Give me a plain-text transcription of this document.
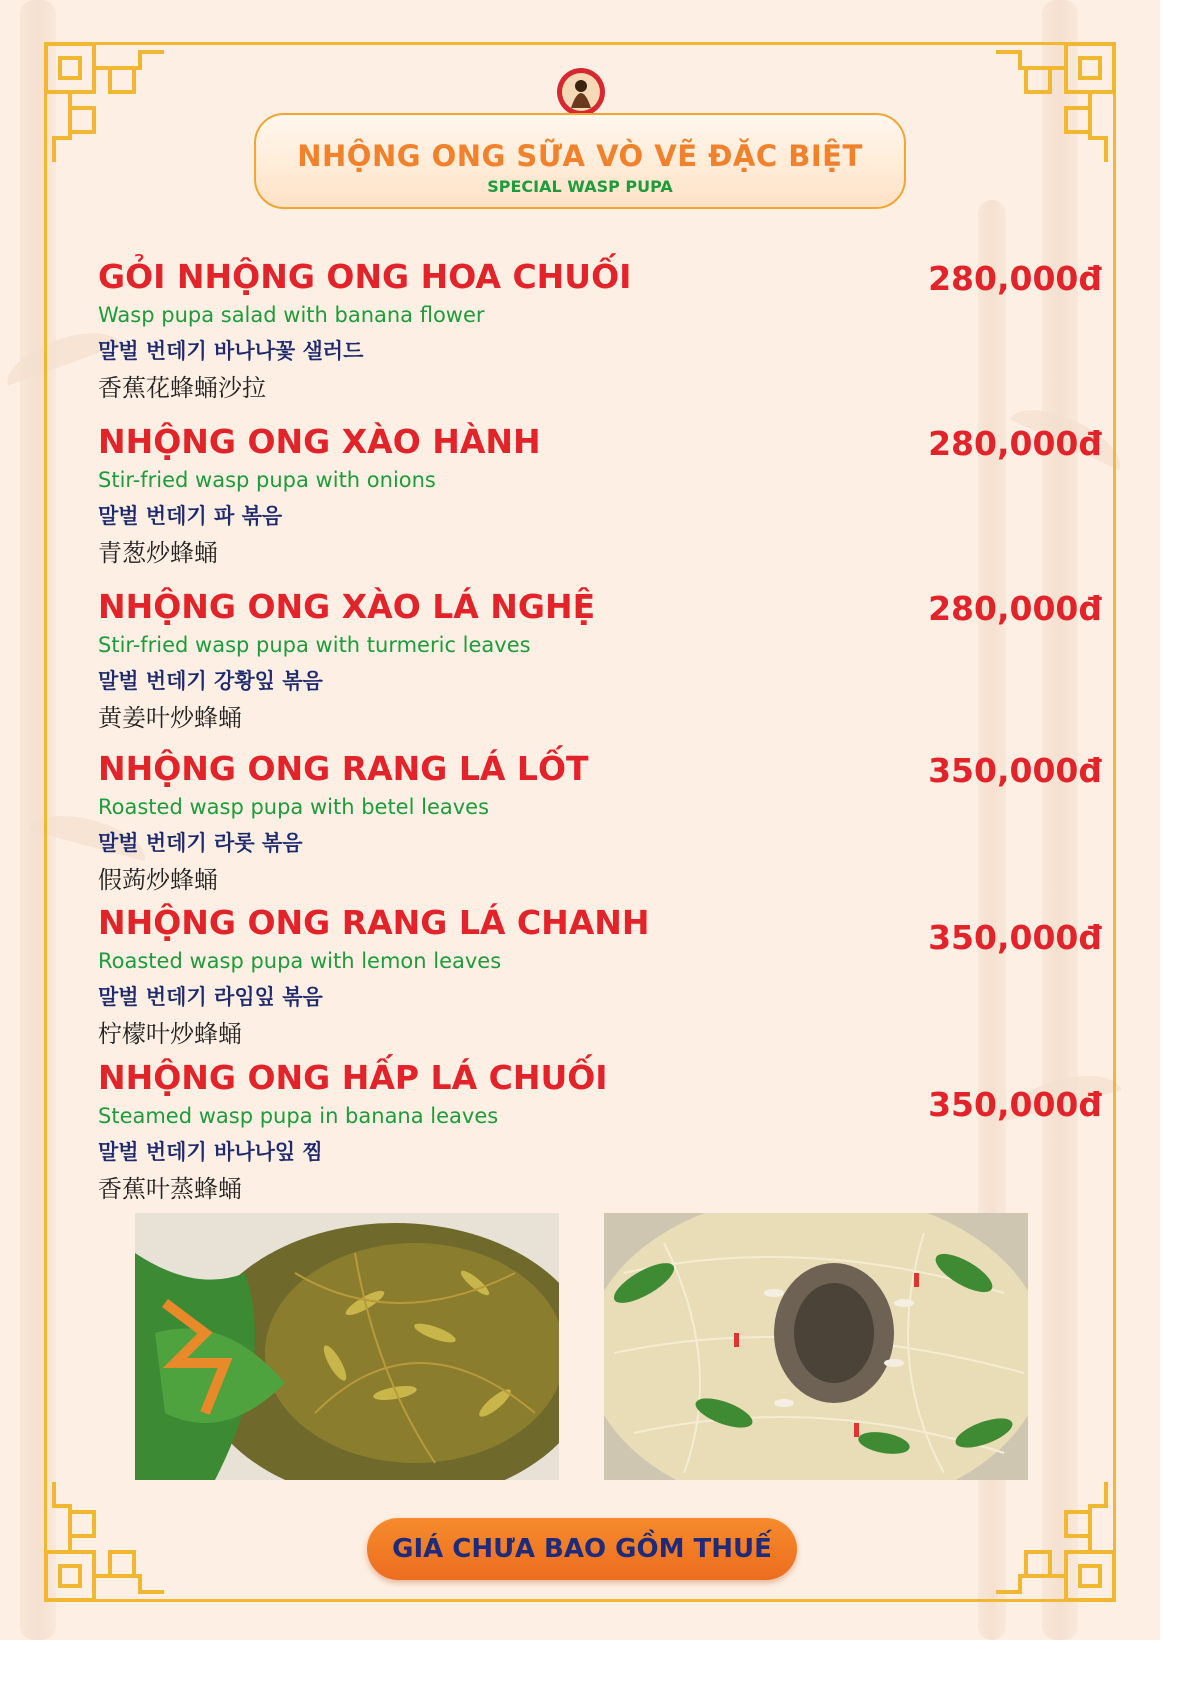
NHỘNG ONG SỮA VÒ VẼ ĐẶC BIỆT
SPECIAL WASP PUPA
GỎI NHỘNG ONG HOA CHUỐI
Wasp pupa salad with banana flower
말벌 번데기 바나나꽃 샐러드
香蕉花蜂蛹沙拉
280,000đ
NHỘNG ONG XÀO HÀNH
Stir-fried wasp pupa with onions
말벌 번데기 파 볶음
青葱炒蜂蛹
280,000đ
NHỘNG ONG XÀO LÁ NGHỆ
Stir-fried wasp pupa with turmeric leaves
말벌 번데기 강황잎 볶음
黄姜叶炒蜂蛹
280,000đ
NHỘNG ONG RANG LÁ LỐT
Roasted wasp pupa with betel leaves
말벌 번데기 라롯 볶음
假蒟炒蜂蛹
350,000đ
NHỘNG ONG RANG LÁ CHANH
Roasted wasp pupa with lemon leaves
말벌 번데기 라임잎 볶음
柠檬叶炒蜂蛹
350,000đ
NHỘNG ONG HẤP LÁ CHUỐI
Steamed wasp pupa in banana leaves
말벌 번데기 바나나잎 찜
香蕉叶蒸蜂蛹
350,000đ
GIÁ CHƯA BAO GỒM THUẾ
